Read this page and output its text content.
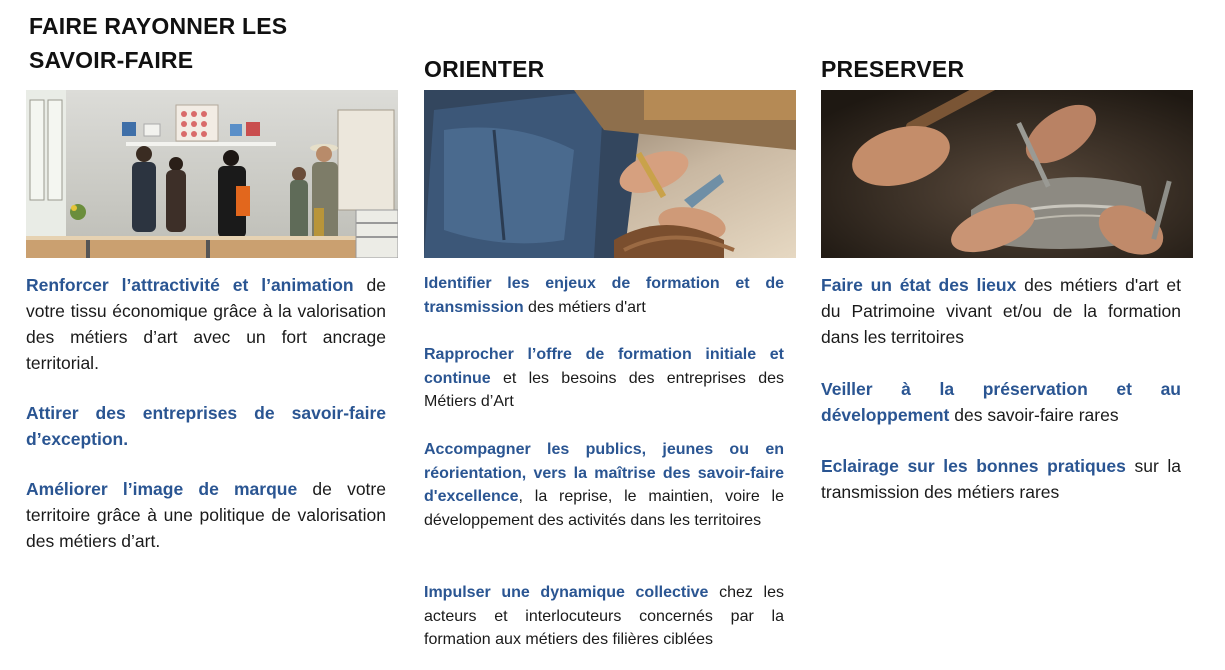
FAIRE RAYONNER LES
SAVOIR-FAIRE

Renforcer l’attractivité et l’animation de votre tissu économique grâce à la valorisation des métiers d’art avec un fort ancrage territorial.

Attirer des entreprises de savoir-faire d’exception.

Améliorer l’image de marque de votre territoire grâce à une politique de valorisation des métiers d’art.

ORIENTER

Identifier les enjeux de formation et de transmission des métiers d'art

Rapprocher l’offre de formation initiale et continue et les besoins des entreprises des Métiers d’Art

Accompagner les publics, jeunes ou en réorientation, vers la maîtrise des savoir-faire d'excellence, la reprise, le maintien, voire le développement des activités dans les territoires

Impulser une dynamique collective chez les acteurs et interlocuteurs concernés par la formation aux métiers des filières ciblées

PRESERVER

Faire un état des lieux des métiers d'art et du Patrimoine vivant et/ou de la formation dans les territoires

Veiller à la préservation et au développement des savoir-faire rares

Eclairage sur les bonnes pratiques sur la transmission des métiers rares
